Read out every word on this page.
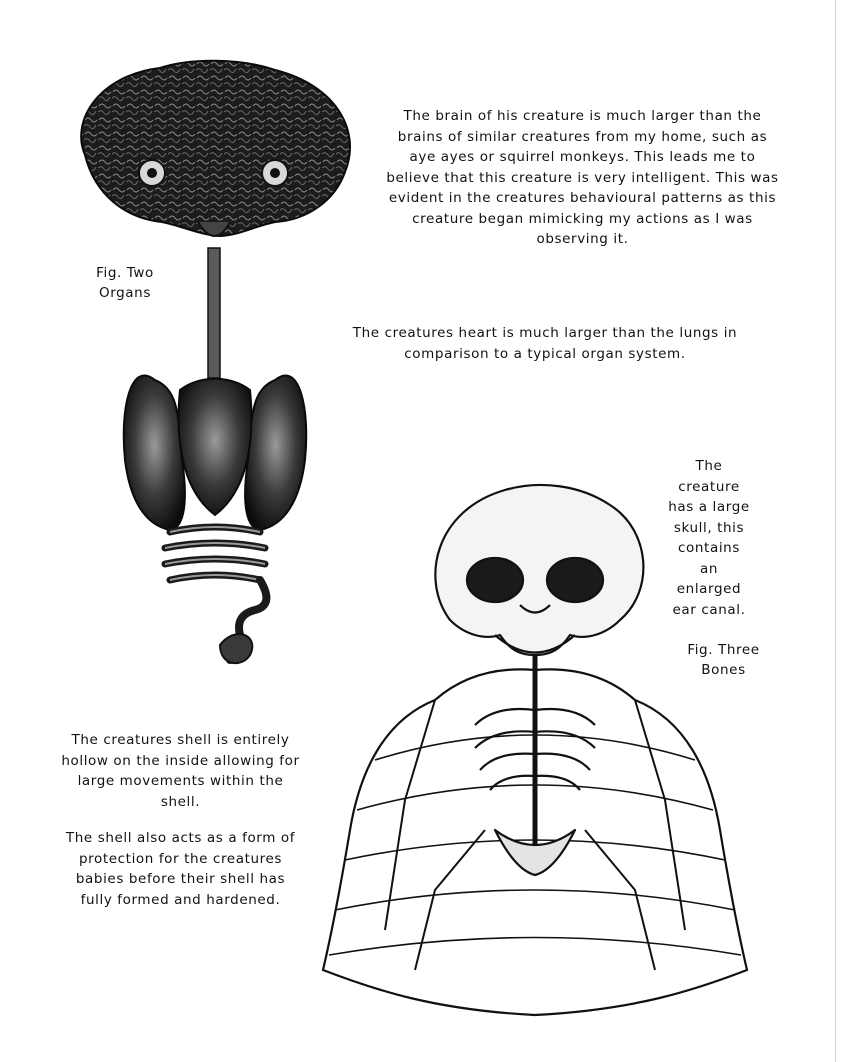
Fig. Two
Organs

The brain of his creature is much larger than the brains of similar creatures from my home, such as aye ayes or squirrel monkeys. This leads me to believe that this creature is very intelligent. This was evident in the creatures behavioural patterns as this creature began mimicking my actions as I was observing it.

The creatures heart is much larger than the lungs in comparison to a typical organ system.

The creature has a large skull, this contains an enlarged ear canal.

Fig. Three
Bones

The creatures shell is entirely hollow on the inside allowing for large movements within the shell.

The shell also acts as a form of protection for the creatures babies before their shell has fully formed and hardened.
